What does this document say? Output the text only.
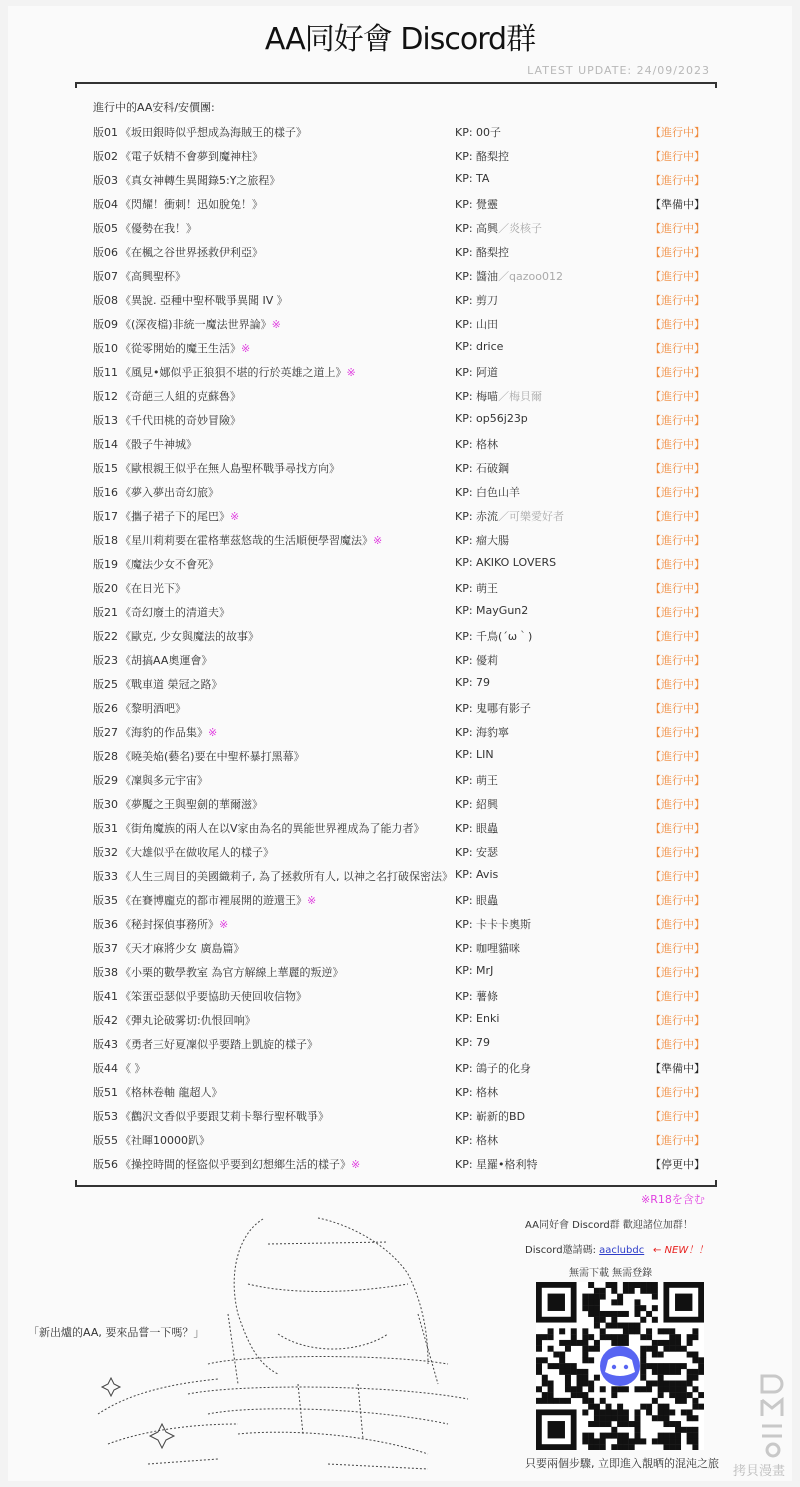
AA同好會 Discord群
LATEST UPDATE: 24/09/2023
進行中的AA安科/安價團:
版01 《坂田銀時似乎想成為海賊王的樣子》	KP: 00子	【進行中】
版02 《電子妖精不會夢到魔神柱》	KP: 酪梨控	【進行中】
版03 《真女神轉生異聞錄5:Y之旅程》	KP: TA	【進行中】
版04 《閃耀！衝刺！迅如脫兔！》	KP: 覺靈	【準備中】
版05 《優勢在我！》	KP: 高興／炎核子	【進行中】
版06 《在楓之谷世界拯救伊利亞》	KP: 酪梨控	【進行中】
版07 《高興聖杯》	KP: 醬油／qazoo012	【進行中】
版08 《異說. 亞種中聖杯戰爭異聞 IV 》	KP: 剪刀	【進行中】
版09 《(深夜檔)非統一魔法世界論》※	KP: 山田	【進行中】
版10 《從零開始的魔王生活》※	KP: drice	【進行中】
版11 《風見•娜似乎正狼狽不堪的行於英雄之道上》※	KP: 阿道	【進行中】
版12 《奇葩三人組的克蘇魯》	KP: 梅喵／梅貝爾	【進行中】
版13 《千代田桃的奇妙冒險》	KP: op56j23p	【進行中】
版14 《骰子牛神城》	KP: 格林	【進行中】
版15 《歐根親王似乎在無人島聖杯戰爭尋找方向》	KP: 石破鋼	【進行中】
版16 《夢入夢出奇幻旅》	KP: 白色山羊	【進行中】
版17 《攜子裙子下的尾巴》※	KP: 赤流／可樂愛好者	【進行中】
版18 《星川莉莉要在霍格華茲悠哉的生活順便學習魔法》※	KP: 瘤大腸	【進行中】
版19 《魔法少女不會死》	KP: AKIKO LOVERS	【進行中】
版20 《在日光下》	KP: 萌王	【進行中】
版21 《奇幻廢土的清道夫》	KP: MayGun2	【進行中】
版22 《歐克, 少女與魔法的故事》	KP: 千鳥(´ω｀)	【進行中】
版23 《胡搞AA奧運會》	KP: 優莉	【進行中】
版25 《戰車道 榮冠之路》	KP: 79	【進行中】
版26 《黎明酒吧》	KP: 鬼哪有影子	【進行中】
版27 《海豹的作品集》※	KP: 海豹寧	【進行中】
版28 《曉美焔(藝名)要在中聖杯暴打黑幕》	KP: LIN	【進行中】
版29 《凜與多元宇宙》	KP: 萌王	【進行中】
版30 《夢魘之王與聖劍的華爾滋》	KP: 紹興	【進行中】
版31 《街角魔族的兩人在以V家由為名的異能世界裡成為了能力者》	KP: 眼蟲	【進行中】
版32 《大雄似乎在做收尾人的樣子》	KP: 安瑟	【進行中】
版33 《人生三周目的美國織莉子, 為了拯救所有人, 以神之名打破保密法》 KP: Avis	【進行中】
版35 《在賽博龐克的都市裡展開的遊還王》※	KP: 眼蟲	【進行中】
版36 《秘封探偵事務所》※	KP: 卡卡卡奧斯	【進行中】
版37 《天才麻將少女 廣島篇》	KP: 咖哩貓咪	【進行中】
版38 《小栗的數學教室 為官方解線上華麗的叛逆》	KP: MrJ	【進行中】
版41 《笨蛋亞瑟似乎要協助天使回收信物》	KP: 薯條	【進行中】
版42 《彈丸论破雾切:仇恨回响》	KP: Enki	【進行中】
版43 《勇者三好夏凜似乎要踏上凱旋的樣子》	KP: 79	【進行中】
版44 《 》	KP: 鴿子的化身	【準備中】
版51 《格林卷軸 龍超人》	KP: 格林	【進行中】
版53 《鸛沢文香似乎要跟艾莉卡舉行聖杯戰爭》	KP: 嶄新的BD	【進行中】
版55 《社暉10000趴》	KP: 格林	【進行中】
版56 《操控時間的怪盜似乎要到幻想鄉生活的樣子》※	KP: 星羅•格利特	【停更中】
※R18を含む
「新出爐的AA, 要來品嘗一下嗎？」
AA同好會 Discord群 歡迎諸位加群！
Discord邀請碼: aaclubdc ← NEW！！
無需下載 無需登錄
只要兩個步驟, 立即進入靚晒的混沌之旅
拷貝漫畫
